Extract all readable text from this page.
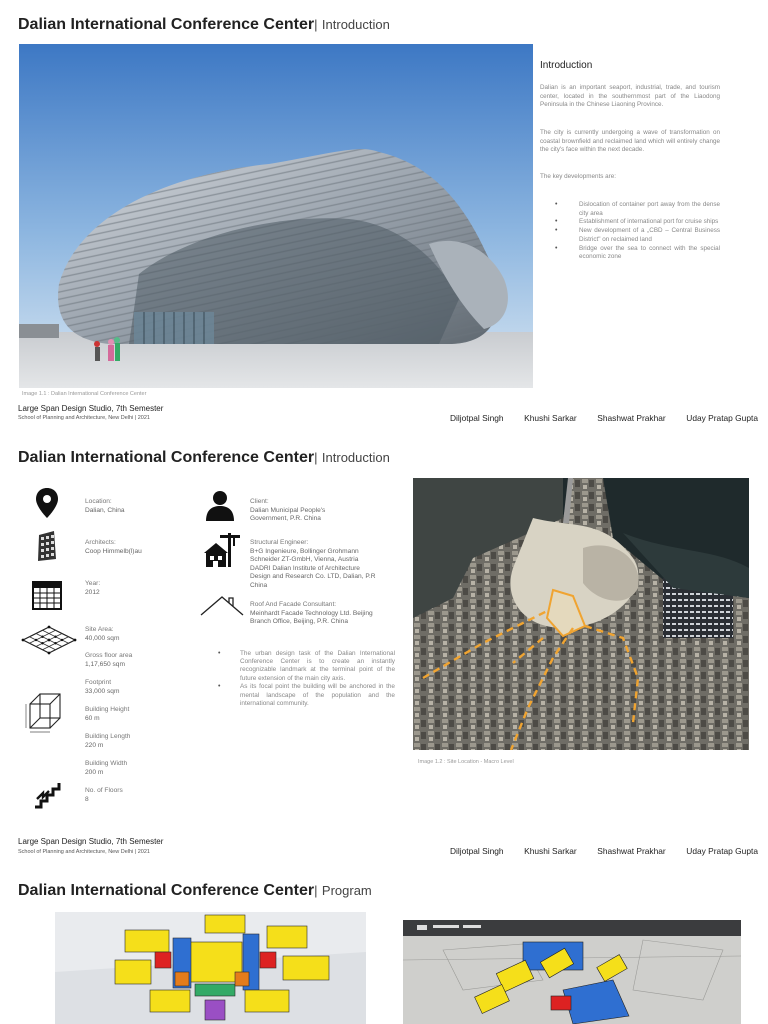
Dalian International Conference Center| Introduction
Image 1.1 : Dalian International Conference Center
Introduction

Dalian is an important seaport, industrial, trade, and tourism center, located in the southernmost part of the Liaodong Peninsula in the Chinese Liaoning Province.

The city is currently undergoing a wave of transformation on coastal brownfield and reclaimed land which will entirely change the city's face within the next decade.

The key developments are:

• Dislocation of container port away from the dense city area
• Establishment of international port for cruise ships
• New development of a „CBD – Central Business District" on reclaimed land
• Bridge over the sea to connect with the special economic zone
Large Span Design Studio, 7th Semester
School of Planning and Architecture, New Delhi | 2021	Diljotpal Singh Khushi Sarkar Shashwat Prakhar Uday Pratap Gupta
Dalian International Conference Center| Introduction
Location:
Dalian, China
Architects:
Coop Himmelb(l)au
Year:
2012
Site Area:
40,000 sqm
Gross floor area
1,17,650 sqm
Footprint
33,000 sqm
Building Height
60 m
Building Length
220 m
Building Width
200 m
No. of Floors
8
Client:
Dalian Municipal People's
Government, P.R. China
Structural Engineer:
B+G Ingenieure, Bollinger Grohmann
Schneider ZT-GmbH, Vienna, Austria
DADRI Dalian Institute of Architecture
Design and Research Co. LTD, Dalian, P.R
China
Roof And Facade Consultant:
Meinhardt Facade Technology Ltd. Beijing
Branch Office, Beijing, P.R. China
• The urban design task of the Dalian International Conference Center is to create an instantly recognizable landmark at the terminal point of the future extension of the main city axis.
• As its focal point the building will be anchored in the mental landscape of the population and the international community.
Image 1.2 : Site Location - Macro Level
Large Span Design Studio, 7th Semester
School of Planning and Architecture, New Delhi | 2021	Diljotpal Singh Khushi Sarkar Shashwat Prakhar Uday Pratap Gupta
Dalian International Conference Center| Program
